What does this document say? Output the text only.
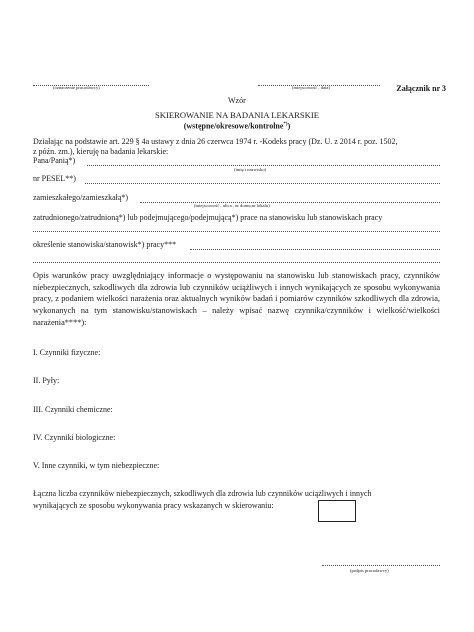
Załącznik nr 3
Wzór
(oznaczenie pracodawcy)	(miejscowość , data)
SKIEROWANIE NA BADANIA LEKARSKIE
(wstępne/okresowe/kontrolne*))
Działając na podstawie art. 229 § 4a ustawy z dnia 26 czerwca 1974 r. -Kodeks pracy (Dz. U. z 2014 r. poz. 1502,
z późn. zm.), kieruję na badania lekarskie:
Pana/Panią*)
(imię i nazwisko)
nr PESEL**)
zamieszkałego/zamieszkałą*)
(miejscowość , ulica , nr domu,nr lokalu)
zatrudnionego/zatrudnioną*) lub podejmującego/podejmującą*) prace na stanowisku lub stanowiskach pracy
określenie stanowiska/stanowisk*) pracy***
Opis warunków pracy uwzględniający informacje o występowaniu na stanowisku lub stanowiskach pracy, czynników niebezpiecznych, szkodliwych dla zdrowia lub czynników uciążliwych i innych wynikających ze sposobu wykonywania pracy, z podaniem wielkości narażenia oraz aktualnych wyników badań i pomiarów czynników szkodliwych dla zdrowia, wykonanych na tym stanowisku/stanowiskach – należy wpisać nazwę czynnika/czynników i wielkość/wielkości narażenia****):
I. Czynniki fizyczne:
II. Pyły:
III. Czynniki chemiczne:
IV. Czynniki biologiczne:
V. Inne czynniki, w tym niebezpieczne:
Łączna liczba czynników niebezpiecznych, szkodliwych dla zdrowia lub czynników uciążliwych i innych
wynikających ze sposobu wykonywania pracy wskazanych w skierowaniu:
(podpis pracodawcy)
